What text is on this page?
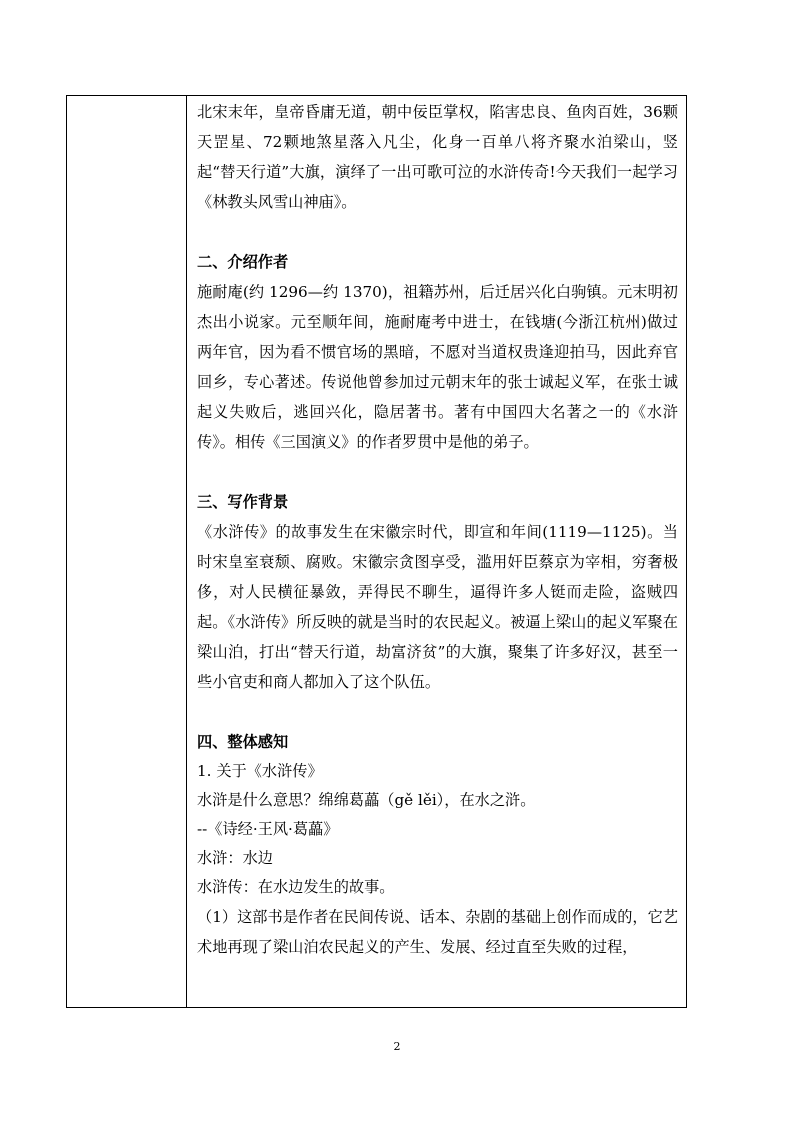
北宋末年，皇帝昏庸无道，朝中佞臣掌权，陷害忠良、鱼肉百姓，36颗天罡星、72颗地煞星落入凡尘，化身一百单八将齐聚水泊梁山，竖起“替天行道”大旗，演绎了一出可歌可泣的水浒传奇!今天我们一起学习《林教头风雪山神庙》。

二、介绍作者

施耐庵(约 1296—约 1370)，祖籍苏州，后迁居兴化白驹镇。元末明初杰出小说家。元至顺年间，施耐庵考中进士，在钱塘(今浙江杭州)做过两年官，因为看不惯官场的黑暗，不愿对当道权贵逢迎拍马，因此弃官回乡，专心著述。传说他曾参加过元朝末年的张士诚起义军，在张士诚起义失败后，逃回兴化，隐居著书。著有中国四大名著之一的《水浒传》。相传《三国演义》的作者罗贯中是他的弟子。

三、写作背景

《水浒传》的故事发生在宋徽宗时代，即宣和年间(1119—1125)。当时宋皇室衰颓、腐败。宋徽宗贪图享受，滥用奸臣蔡京为宰相，穷奢极侈，对人民横征暴敛，弄得民不聊生，逼得许多人铤而走险，盗贼四起。《水浒传》所反映的就是当时的农民起义。被逼上梁山的起义军聚在梁山泊，打出“替天行道，劫富济贫”的大旗，聚集了许多好汉，甚至一些小官吏和商人都加入了这个队伍。

四、整体感知

1. 关于《水浒传》

水浒是什么意思？绵绵葛藟（gě lěi），在水之浒。

--《诗经·王风·葛藟》

水浒：水边

水浒传：在水边发生的故事。

（1）这部书是作者在民间传说、话本、杂剧的基础上创作而成的，它艺术地再现了梁山泊农民起义的产生、发展、经过直至失败的过程，

2
